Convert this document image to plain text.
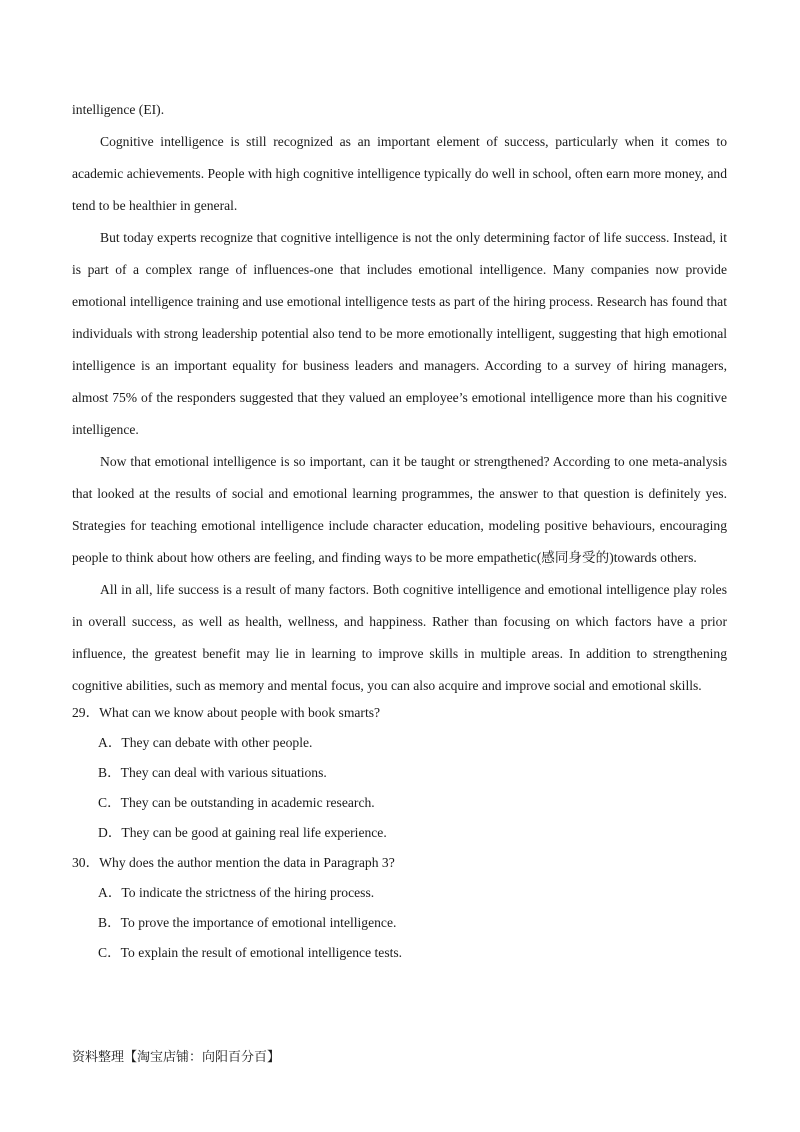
intelligence (EI).

Cognitive intelligence is still recognized as an important element of success, particularly when it comes to academic achievements. People with high cognitive intelligence typically do well in school, often earn more money, and tend to be healthier in general.

But today experts recognize that cognitive intelligence is not the only determining factor of life success. Instead, it is part of a complex range of influences-one that includes emotional intelligence. Many companies now provide emotional intelligence training and use emotional intelligence tests as part of the hiring process. Research has found that individuals with strong leadership potential also tend to be more emotionally intelligent, suggesting that high emotional intelligence is an important equality for business leaders and managers. According to a survey of hiring managers, almost 75% of the responders suggested that they valued an employee’s emotional intelligence more than his cognitive intelligence.

Now that emotional intelligence is so important, can it be taught or strengthened? According to one meta-analysis that looked at the results of social and emotional learning programmes, the answer to that question is definitely yes. Strategies for teaching emotional intelligence include character education, modeling positive behaviours, encouraging people to think about how others are feeling, and finding ways to be more empathetic(感同身受的)towards others.

All in all, life success is a result of many factors. Both cognitive intelligence and emotional intelligence play roles in overall success, as well as health, wellness, and happiness. Rather than focusing on which factors have a prior influence, the greatest benefit may lie in learning to improve skills in multiple areas. In addition to strengthening cognitive abilities, such as memory and mental focus, you can also acquire and improve social and emotional skills.

29．What can we know about people with book smarts?

A．They can debate with other people.

B．They can deal with various situations.

C．They can be outstanding in academic research.

D．They can be good at gaining real life experience.

30．Why does the author mention the data in Paragraph 3?

A．To indicate the strictness of the hiring process.

B．To prove the importance of emotional intelligence.

C．To explain the result of emotional intelligence tests.

资料整理【淘宝店铺：向阳百分百】
